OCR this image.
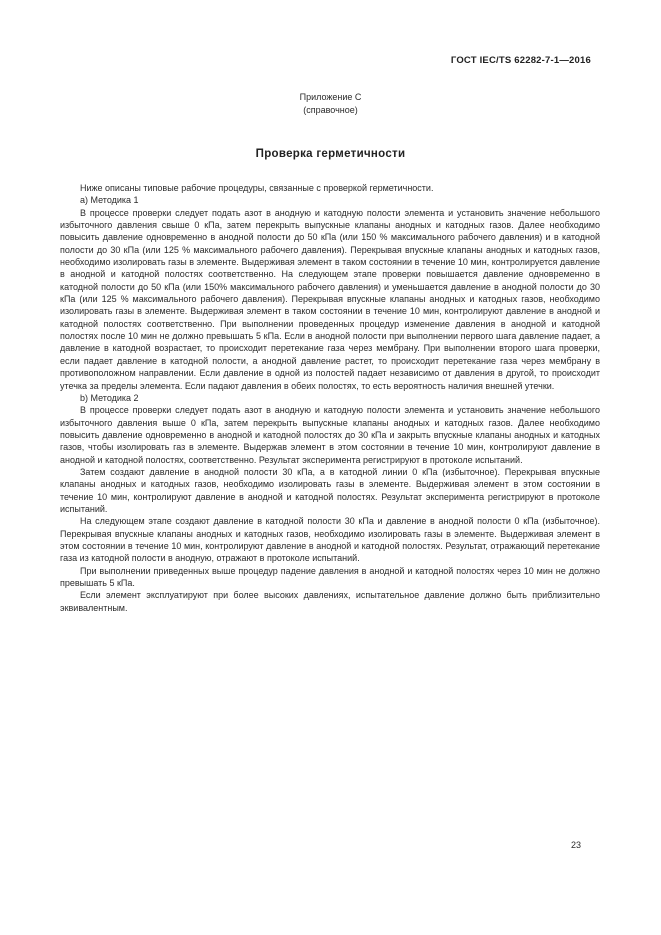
ГОСТ IEC/TS 62282-7-1—2016
Приложение С
(справочное)
Проверка герметичности

Ниже описаны типовые рабочие процедуры, связанные с проверкой герметичности.

a) Методика 1

В процессе проверки следует подать азот в анодную и катодную полости элемента и установить значение небольшого избыточного давления свыше 0 кПа, затем перекрыть выпускные клапаны анодных и катодных газов. Далее необходимо повысить давление одновременно в анодной полости до 50 кПа (или 150 % максимального рабочего давления) и в катодной полости до 30 кПа (или 125 % максимального рабочего давления). Перекрывая впускные клапаны анодных и катодных газов, необходимо изолировать газы в элементе. Выдерживая элемент в таком состоянии в течение 10 мин, контролируется давление в анодной и катодной полостях соответственно. На следующем этапе проверки повышается давление одновременно в катодной полости до 50 кПа (или 150% максимального рабочего давления) и уменьшается давление в анодной полости до 30 кПа (или 125 % максимального рабочего давления). Перекрывая впускные клапаны анодных и катодных газов, необходимо изолировать газы в элементе. Выдерживая элемент в таком состоянии в течение 10 мин, контролируют давление в анодной и катодной полостях соответственно. При выполнении проведенных процедур изменение давления в анодной и катодной полостях после 10 мин не должно превышать 5 кПа. Если в анодной полости при выполнении первого шага давление падает, а давление в катодной возрастает, то происходит перетекание газа через мембрану. При выполнении второго шага проверки, если падает давление в катодной полости, а анодной давление растет, то происходит перетекание газа через мембрану в противоположном направлении. Если давление в одной из полостей падает независимо от давления в другой, то происходит утечка за пределы элемента. Если падают давления в обеих полостях, то есть вероятность наличия внешней утечки.

b) Методика 2

В процессе проверки следует подать азот в анодную и катодную полости элемента и установить значение небольшого избыточного давления выше 0 кПа, затем перекрыть выпускные клапаны анодных и катодных газов. Далее необходимо повысить давление одновременно в анодной и катодной полостях до 30 кПа и закрыть впускные клапаны анодных и катодных газов, чтобы изолировать газ в элементе. Выдержав элемент в этом состоянии в течение 10 мин, контролируют давление в анодной и катодной полостях, соответственно. Результат эксперимента регистрируют в протоколе испытаний.

Затем создают давление в анодной полости 30 кПа, а в катодной линии 0 кПа (избыточное). Перекрывая впускные клапаны анодных и катодных газов, необходимо изолировать газы в элементе. Выдерживая элемент в этом состоянии в течение 10 мин, контролируют давление в анодной и катодной полостях. Результат эксперимента регистрируют в протоколе испытаний.

На следующем этапе создают давление в катодной полости 30 кПа и давление в анодной полости 0 кПа (избыточное). Перекрывая впускные клапаны анодных и катодных газов, необходимо изолировать газы в элементе. Выдерживая элемент в этом состоянии в течение 10 мин, контролируют давление в анодной и катодной полостях. Результат, отражающий перетекание газа из катодной полости в анодную, отражают в протоколе испытаний.

При выполнении приведенных выше процедур падение давления в анодной и катодной полостях через 10 мин не должно превышать 5 кПа.

Если элемент эксплуатируют при более высоких давлениях, испытательное давление должно быть приблизительно эквивалентным.

23
